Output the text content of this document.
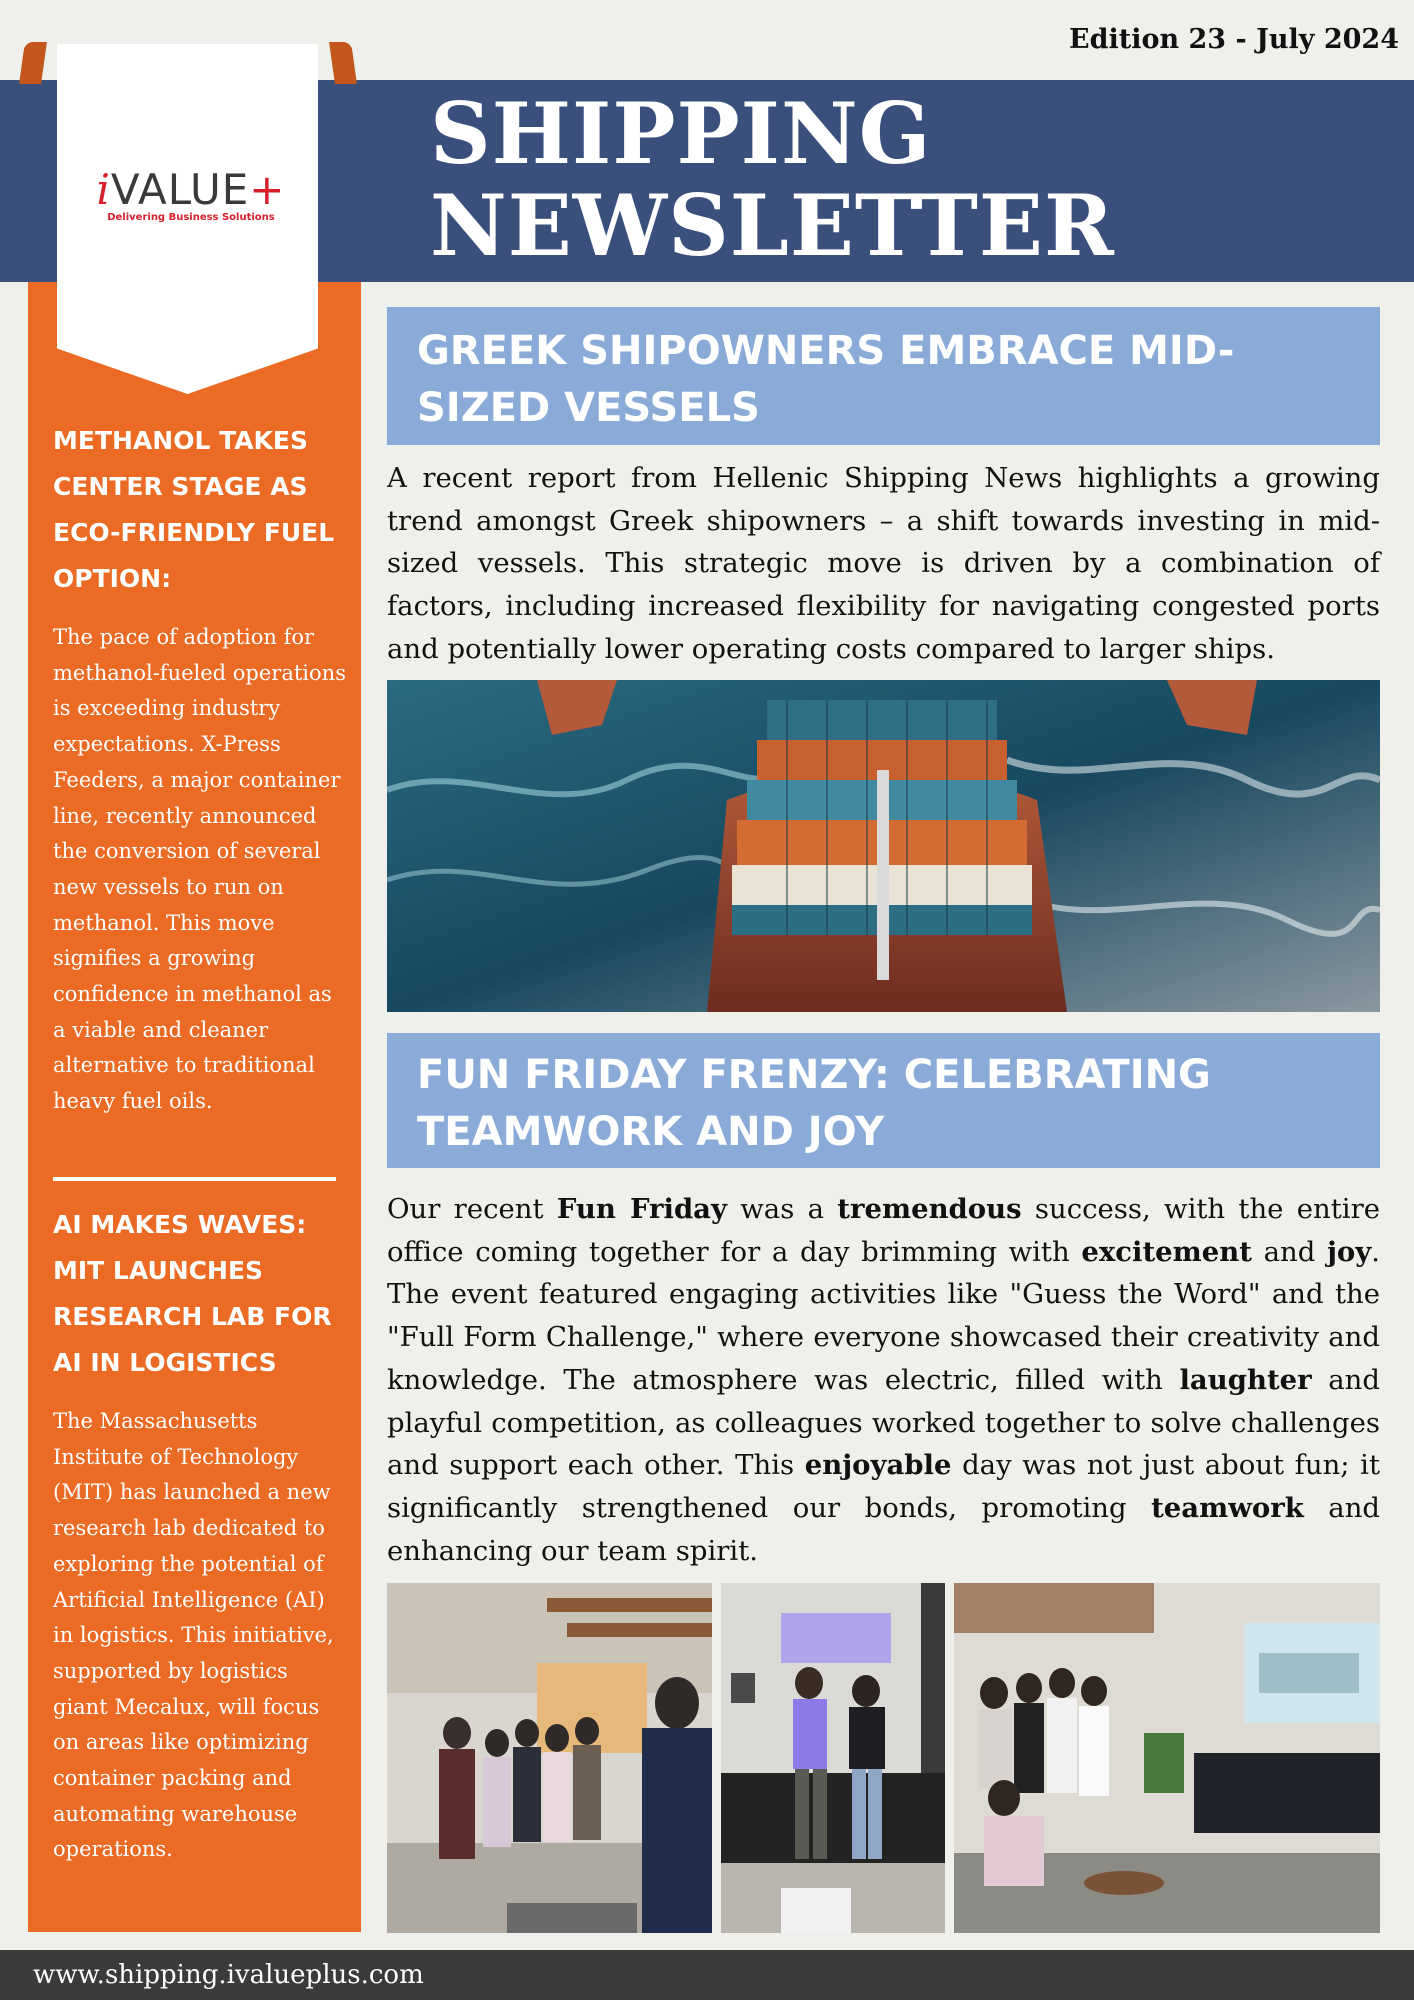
Edition 23 - July 2024
SHIPPING
NEWSLETTER
iVALUE+
Delivering Business Solutions
METHANOL TAKES CENTER STAGE AS ECO-FRIENDLY FUEL OPTION:
The pace of adoption for methanol-fueled operations is exceeding industry expectations. X-Press Feeders, a major container line, recently announced the conversion of several new vessels to run on methanol. This move signifies a growing confidence in methanol as a viable and cleaner alternative to traditional heavy fuel oils.
AI MAKES WAVES: MIT LAUNCHES RESEARCH LAB FOR AI IN LOGISTICS
The Massachusetts Institute of Technology (MIT) has launched a new research lab dedicated to exploring the potential of Artificial Intelligence (AI) in logistics. This initiative, supported by logistics giant Mecalux, will focus on areas like optimizing container packing and automating warehouse operations.
GREEK SHIPOWNERS EMBRACE MID-SIZED VESSELS
A recent report from Hellenic Shipping News highlights a growing trend amongst Greek shipowners – a shift towards investing in mid-sized vessels. This strategic move is driven by a combination of factors, including increased flexibility for navigating congested ports and potentially lower operating costs compared to larger ships.
FUN FRIDAY FRENZY: CELEBRATING TEAMWORK AND JOY
Our recent Fun Friday was a tremendous success, with the entire office coming together for a day brimming with excitement and joy. The event featured engaging activities like "Guess the Word" and the "Full Form Challenge," where everyone showcased their creativity and knowledge. The atmosphere was electric, filled with laughter and playful competition, as colleagues worked together to solve challenges and support each other. This enjoyable day was not just about fun; it significantly strengthened our bonds, promoting teamwork and enhancing our team spirit.
www.shipping.ivalueplus.com
